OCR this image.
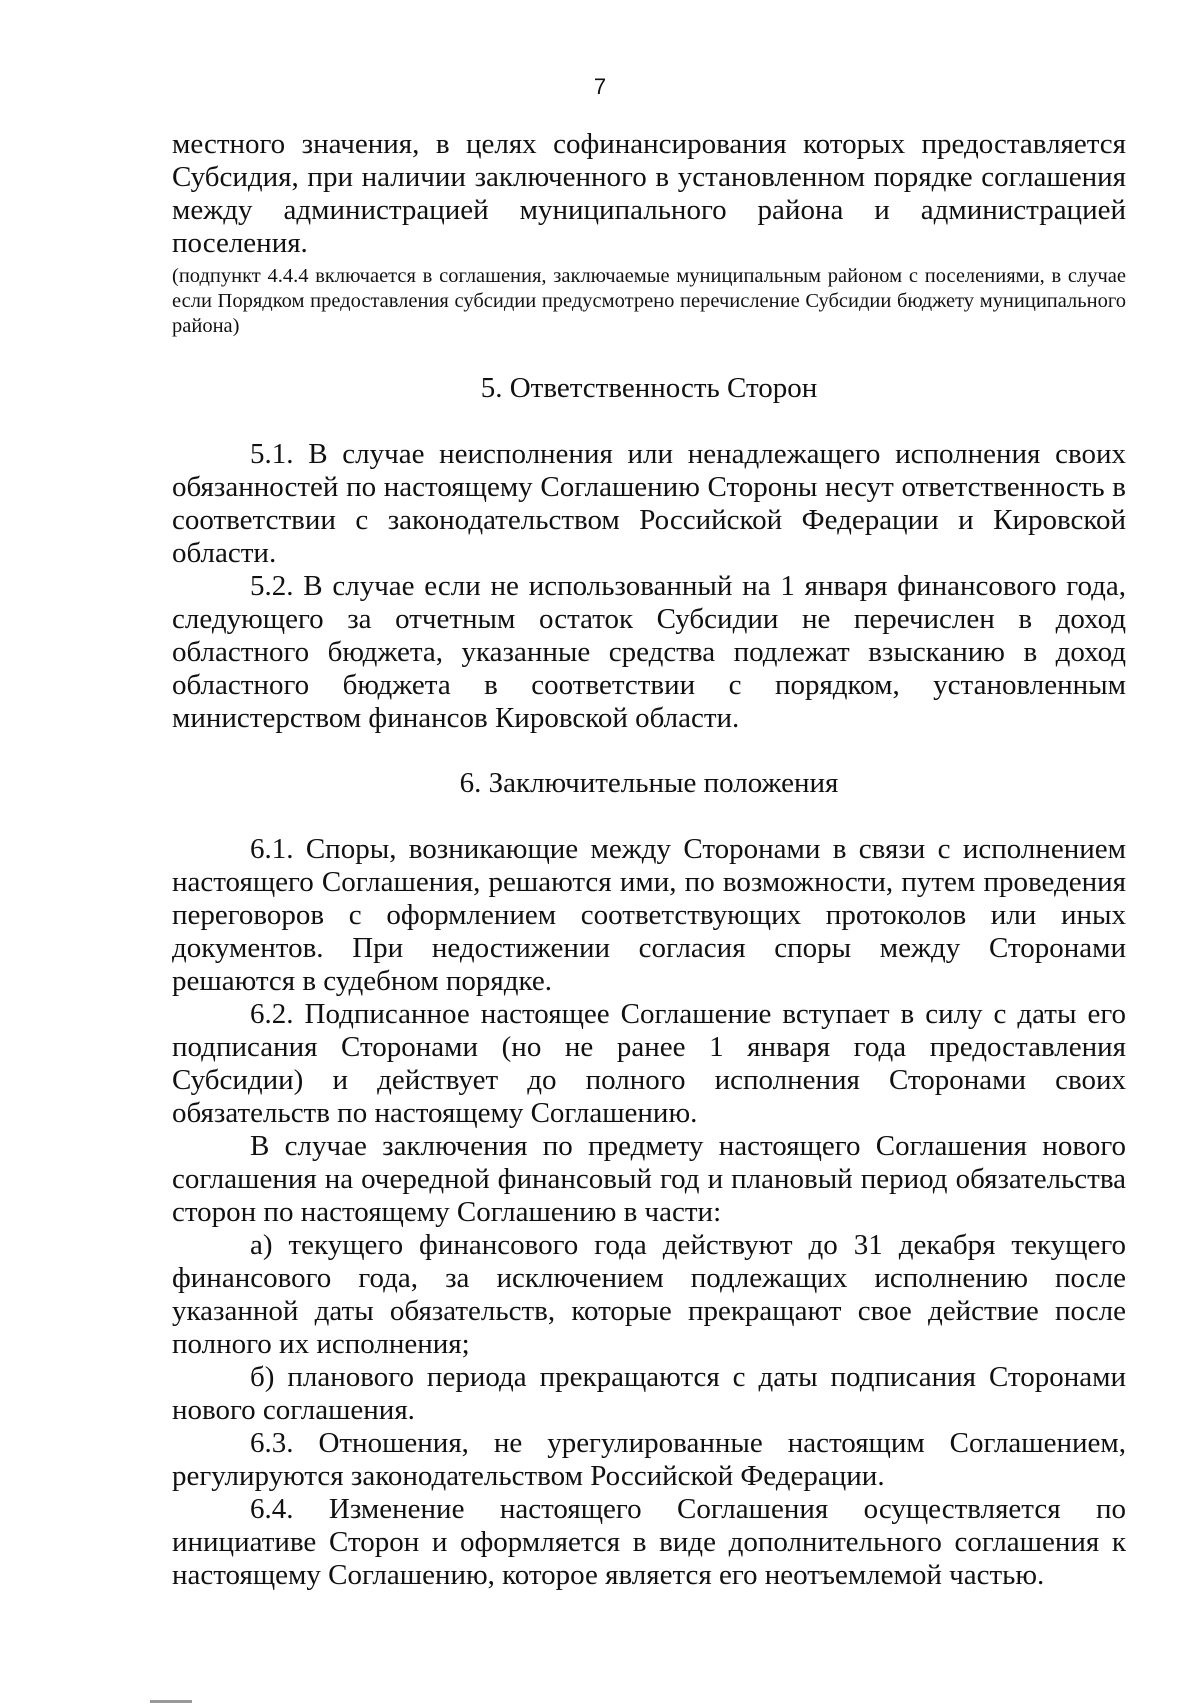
7

местного значения, в целях софинансирования которых предоставляется Субсидия, при наличии заключенного в установленном порядке соглашения между администрацией муниципального района и администрацией поселения.

(подпункт 4.4.4 включается в соглашения, заключаемые муниципальным районом с поселениями, в случае если Порядком предоставления субсидии предусмотрено перечисление Субсидии бюджету муниципального района)

5. Ответственность Сторон

5.1. В случае неисполнения или ненадлежащего исполнения своих обязанностей по настоящему Соглашению Стороны несут ответственность в соответствии с законодательством Российской Федерации и Кировской области.

5.2. В случае если не использованный на 1 января финансового года, следующего за отчетным остаток Субсидии не перечислен в доход областного бюджета, указанные средства подлежат взысканию в доход областного бюджета в соответствии с порядком, установленным министерством финансов Кировской области.

6. Заключительные положения

6.1. Споры, возникающие между Сторонами в связи с исполнением настоящего Соглашения, решаются ими, по возможности, путем проведения переговоров с оформлением соответствующих протоколов или иных документов. При недостижении согласия споры между Сторонами решаются в судебном порядке.

6.2. Подписанное настоящее Соглашение вступает в силу с даты его подписания Сторонами (но не ранее 1 января года предоставления Субсидии) и действует до полного исполнения Сторонами своих обязательств по настоящему Соглашению.

В случае заключения по предмету настоящего Соглашения нового соглашения на очередной финансовый год и плановый период обязательства сторон по настоящему Соглашению в части:

а) текущего финансового года действуют до 31 декабря текущего финансового года, за исключением подлежащих исполнению после указанной даты обязательств, которые прекращают свое действие после полного их исполнения;

б) планового периода прекращаются с даты подписания Сторонами нового соглашения.

6.3. Отношения, не урегулированные настоящим Соглашением, регулируются законодательством Российской Федерации.

6.4. Изменение настоящего Соглашения осуществляется по инициативе Сторон и оформляется в виде дополнительного соглашения к настоящему Соглашению, которое является его неотъемлемой частью.
